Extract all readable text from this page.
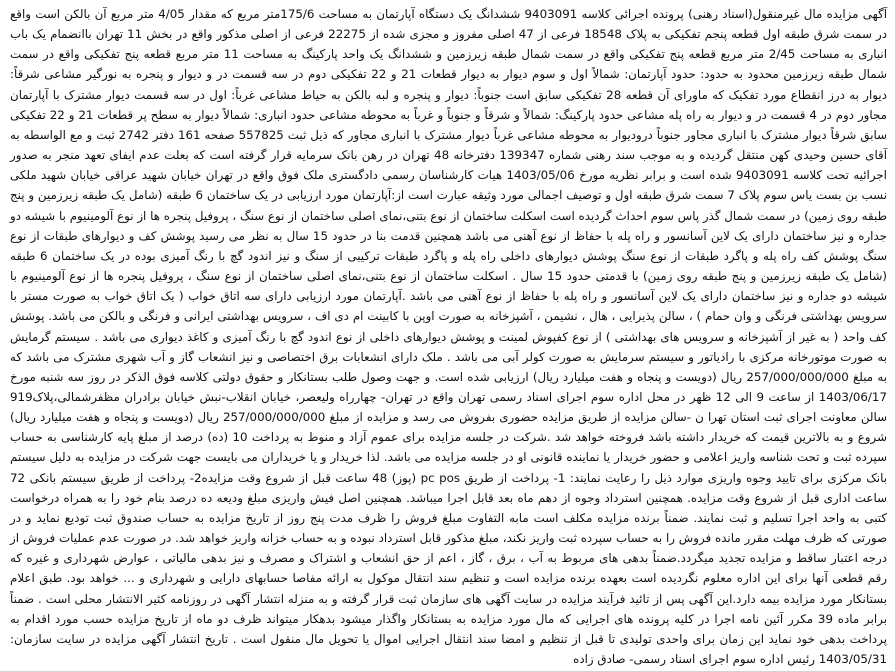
آگهی مزایده مال غیرمنقول(اسناد رهنی) پرونده اجرائی کلاسه 9403091 ششدانگ یک دستگاه آپارتمان به مساحت 175/6متر مربع که مقدار 4/05 متر مربع آن بالکن است واقع در سمت شرق طبقه اول قطعه پنجم تفکیکی به پلاک 18548 فرعی از 47 اصلی مفروز و مجزی شده از 22275 فرعی از اصلی مذکور واقع در بخش 11 تهران باانضمام یک باب انباری به مساحت 2/45 متر مربع قطعه پنج تفکیکی واقع در سمت شمال طبقه زیرزمین و ششدانگ یک واحد پارکینگ به مساحت 11 متر مربع قطعه پنج تفکیکی واقع در سمت شمال طبقه زیرزمین محدود به حدود: حدود آپارتمان: شمالاً اول و سوم دیوار به دیوار قطعات 21 و 22 تفکیکی دوم در سه قسمت در و دیوار و پنجره به نورگیر مشاعی شرقاً: دیوار به درز انقطاع مورد تفکیک که ماورای آن قطعه 28 تفکیکی سابق است جنوباً: دیوار و پنجره و لبه بالکن به حیاط مشاعی غرباً: اول در سه قسمت دیوار مشترک با آپارتمان مجاور دوم در 4 قسمت در و دیوار به راه پله مشاعی حدود پارکینگ: شمالاً و شرقاً و جنوباً و غرباً به محوطه مشاعی حدود انباری: شمالاً دیوار به سطح پر قطعات 21 و 22 تفکیکی سابق شرقاً دیوار مشترک با انباری مجاور جنوباً درودیوار به محوطه مشاعی غرباً دیوار مشترک با انباری مجاور که ذیل ثبت 557825 صفحه 161 دفتر 2742 ثبت و مع الواسطه به آقای حسین وحیدی کهن منتقل گردیده و به موجب سند رهنی شماره 139347 دفترخانه 48 تهران در رهن بانک سرمایه قرار گرفته است که بعلت عدم ایفای تعهد منجر به صدور اجرائیه تحت کلاسه 9403091 شده است و برابر نظریه مورخ 1403/05/06 هیات کارشناسان رسمی دادگستری ملک فوق واقع در تهران خیابان شهید عراقی خیابان شهید ملکی نسب بن بست یاس سوم پلاک 7 سمت شرق طبقه اول و توصیف اجمالی مورد وثیقه عبارت است از:آپارتمان مورد ارزیابی در یک ساختمان 6 طبقه (شامل یک طبقه زیرزمین و پنج طبقه روی زمین) در سمت شمال گذر پاس سوم احداث گردیده است اسکلت ساختمان از نوع بتنی،نمای اصلی ساختمان از نوع سنگ ، پروفیل پنجره ها از نوع آلومینیوم با شیشه دو جداره و نیز ساختمان دارای یک لاین آسانسور و راه پله با حفاظ از نوع آهنی می باشد همچنین قدمت بنا در حدود 15 سال به نظر می رسید پوشش کف و دیوارهای طبقات از نوع سنگ پوشش کف راه پله و پاگرد طبقات از نوع سنگ پوشش دیوارهای داخلی راه پله و پاگرد طبقات ترکیبی از سنگ و نیز اندود گچ با رنگ آمیزی بوده در یک ساختمان 6 طبقه (شامل یک طبقه زیرزمین و پنج طبقه روی زمین) با قدمتی حدود 15 سال . اسکلت ساختمان از نوع بتنی،نمای اصلی ساختمان از نوع سنگ ، پروفیل پنجره ها از نوع آلومینیوم با شیشه دو جداره و نیز ساختمان دارای یک لاین آسانسور و راه پله با حفاظ از نوع آهنی می باشد .آپارتمان مورد ارزیابی دارای سه اتاق خواب ( یک اتاق خواب به صورت مستر با سرویس بهداشتی فرنگی و وان حمام ) ، سالن پذیرایی ، هال ، نشیمن ، آشپزخانه به صورت اوپن با کابینت ام دی اف ، سرویس بهداشتی ایرانی و فرنگی و بالکن می باشد. پوشش کف واحد ( به غیر از آشپزخانه و سرویس های بهداشتی ) از نوع کفپوش لمینت و پوشش دیوارهای داخلی از نوع اندود گچ با رنگ آمیزی و کاغذ دیواری می باشد . سیستم گرمایش به صورت موتورخانه مرکزی با رادیاتور و سیستم سرمایش به صورت کولر آبی می باشد . ملک دارای انشعابات برق اختصاصی و نیز انشعاب گاز و آب شهری مشترک می باشد که به مبلغ 257/000/000/000 ریال (دویست و پنجاه و هفت میلیارد ریال) ارزیابی شده است. و جهت وصول طلب بستانکار و حقوق دولتی کلاسه فوق الذکر در روز سه شنبه مورخ 1403/06/17 از ساعت 9 الی 12 ظهر در محل اداره سوم اجرای اسناد رسمی تهران واقع در تهران- چهارراه ولیعصر، خیابان انقلاب-نبش خیابان برادران مظفرشمالی،پلاک919 سالن معاونت اجرای ثبت استان تهرا ن -سالن مزایده از طریق مزایده حضوری بفروش می رسد و مزایده از مبلغ 257/000/000/000 ریال (دویست و پنجاه و هفت میلیارد ریال) شروع و به بالاترین قیمت که خریدار داشته باشد فروخته خواهد شد .شرکت در جلسه مزایده برای عموم آزاد و منوط به پرداخت 10 (ده) درصد از مبلغ پایه کارشناسی به حساب سپرده ثبت و تحت شناسه واریز اعلامی و حضور خریدار یا نماینده قانونی او در جلسه مزایده می باشد. لذا خریدار و یا خریداران می بایست جهت شرکت در مزایده به دلیل سیستم بانک مرکزی برای تایید وجوه واریزی موارد ذیل را رعایت نمایند: 1- پرداخت از طریق pc pos (پوز) 48 ساعت قبل از شروع وقت مزایده2- پرداخت از طریق سیستم بانکی 72 ساعت اداری قبل از شروع وقت مزایده. همچنین استرداد وجوه از دهم ماه بعد قابل اجرا میباشد. همچنین اصل فیش واریزی مبلغ ودیعه ده درصد بنام خود را به همراه درخواست کتبی به واحد اجرا تسلیم و ثبت نمایند. ضمناً برنده مزایده مکلف است مابه التفاوت مبلغ فروش را ظرف مدت پنج روز از تاریخ مزایده به حساب صندوق ثبت تودیع نماید و در صورتی که ظرف مهلت مقرر مانده فروش را به حساب سپرده ثبت واریز نکند، مبلغ مذکور قابل استرداد نبوده و به حساب خزانه واریز خواهد شد. در صورت عدم عملیات فروش از درجه اعتبار ساقط و مزایده تجدید میگردد.ضمناً بدهی های مربوط به آب ، برق ، گاز ، اعم از حق انشعاب و اشتراک و مصرف و نیز بدهی مالیاتی ، عوارض شهرداری و غیره که رقم قطعی آنها برای این اداره معلوم نگردیده است بعهده برنده مزایده است و تنظیم سند انتقال موکول به ارائه مفاصا حسابهای دارایی و شهرداری و ... خواهد بود. طبق اعلام بستانکار مورد مزایده بیمه دارد.این آگهی پس از تائید فرآیند مزایده در سایت آگهی های سازمان ثبت قرار گرفته و به منزله انتشار آگهی در روزنامه کثیر الانتشار محلی است . ضمناً برابر ماده 39 مکرر آئین نامه اجرا در کلیه پرونده های اجرایی که مال مورد مزایده به بستانکار واگذار میشود بدهکار میتواند ظرف دو ماه از تاریخ مزایده حسب مورد اقدام به پرداخت بدهی خود نماید این زمان برای واحدی تولیدی تا قبل از تنظیم و امضا سند انتقال اجرایی اموال یا تحویل مال منقول است . تاریخ انتشار آگهی مزایده در سایت سازمان: 1403/05/31 رئیس اداره سوم اجرای اسناد رسمی- صادق زاده
